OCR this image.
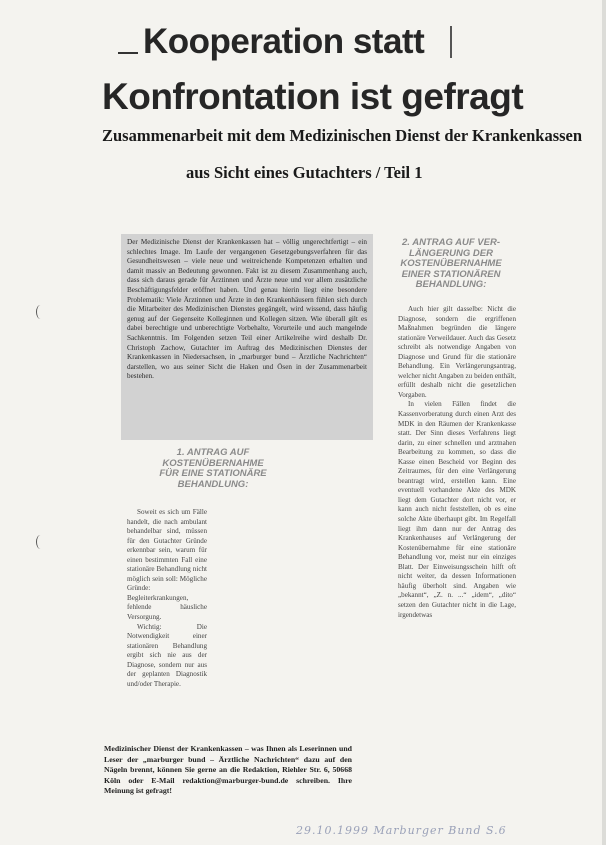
Kooperation statt
Konfrontation ist gefragt
Zusammenarbeit mit dem Medizinischen Dienst der Krankenkassen
aus Sicht eines Gutachters / Teil 1
Der Medizinische Dienst der Krankenkassen hat – völlig ungerechtfertigt – ein schlechtes Image. Im Laufe der vergangenen Gesetzgebungsverfahren für das Gesundheitswesen – viele neue und weitreichende Kompetenzen erhalten und damit massiv an Bedeutung gewonnen. Fakt ist zu diesem Zusammenhang auch, dass sich daraus gerade für Ärztinnen und Ärzte neue und vor allem zusätzliche Beschäftigungsfelder eröffnet haben. Und genau hierin liegt eine besondere Problematik: Viele Ärztinnen und Ärzte in den Krankenhäusern fühlen sich durch die Mitarbeiter des Medizinischen Dienstes gegängelt, wird wissend, dass häufig genug auf der Gegenseite Kolleginnen und Kollegen sitzen. Wie überall gilt es dabei berechtigte und unberechtigte Vorbehalte, Vorurteile und auch mangelnde Sachkenntnis. Im Folgenden setzen Teil einer Artikelreihe wird deshalb Dr. Christoph Zachow, Gutachter im Auftrag des Medizinischen Dienstes der Krankenkassen in Niedersachsen, in „marburger bund – Ärztliche Nachrichten“ darstellen, wo aus seiner Sicht die Haken und Ösen in der Zusammenarbeit bestehen.
1. ANTRAG AUF
KOSTENÜBERNAHME
FÜR EINE STATIONÄRE
BEHANDLUNG:

Soweit es sich um Fälle handelt, die nach ambulant behandelbar sind, müssen für den Gutachter Gründe erkennbar sein, warum für einen bestimmten Fall eine stationäre Behandlung nicht möglich sein soll: Mögliche Gründe: Begleiterkrankungen, fehlende häusliche Versorgung.

Wichtig: Die Notwendigkeit einer stationären Behandlung ergibt sich nie aus der Diagnose, sondern nur aus der geplanten Diagnostik und/oder Therapie.

2. ANTRAG AUF VER-
LÄNGERUNG DER
KOSTENÜBERNAHME
EINER STATIONÄREN
BEHANDLUNG:

Auch hier gilt dasselbe: Nicht die Diagnose, sondern die ergriffenen Maßnahmen begründen die längere stationäre Verweildauer. Auch das Gesetz schreibt als notwendige Angaben von Diagnose und Grund für die stationäre Behandlung. Ein Verlängerungsantrag, welcher nicht Angaben zu beiden enthält, erfüllt deshalb nicht die gesetzlichen Vorgaben.

In vielen Fällen findet die Kassenvorberatung durch einen Arzt des MDK in den Räumen der Krankenkasse statt. Der Sinn dieses Verfahrens liegt darin, zu einer schnellen und arztnahen Bearbeitung zu kommen, so dass die Kasse einen Bescheid vor Beginn des Zeitraumes, für den eine Verlängerung beantragt wird, erstellen kann. Eine eventuell vorhandene Akte des MDK liegt dem Gutachter dort nicht vor, er kann auch nicht feststellen, ob es eine solche Akte überhaupt gibt. Im Regelfall liegt ihm dann nur der Antrag des Krankenhauses auf Verlängerung der Kostenübernahme für eine stationäre Behandlung vor, meist nur ein einziges Blatt. Der Einweisungsschein hilft oft nicht weiter, da dessen Informationen häufig überholt sind. Angaben wie „bekannt“, „Z. n. ...“ „idem“, „dito“ setzen den Gutachter nicht in die Lage, irgendetwas

Medizinischer Dienst der Krankenkassen – was Ihnen als Leserinnen und Leser der „marburger bund – Ärztliche Nachrichten“ dazu auf den Nägeln brennt, können Sie gerne an die Redaktion, Riehler Str. 6, 50668 Köln oder E-Mail redaktion@marburger-bund.de schreiben. Ihre Meinung ist gefragt!
29.10.1999 Marburger Bund S.6
